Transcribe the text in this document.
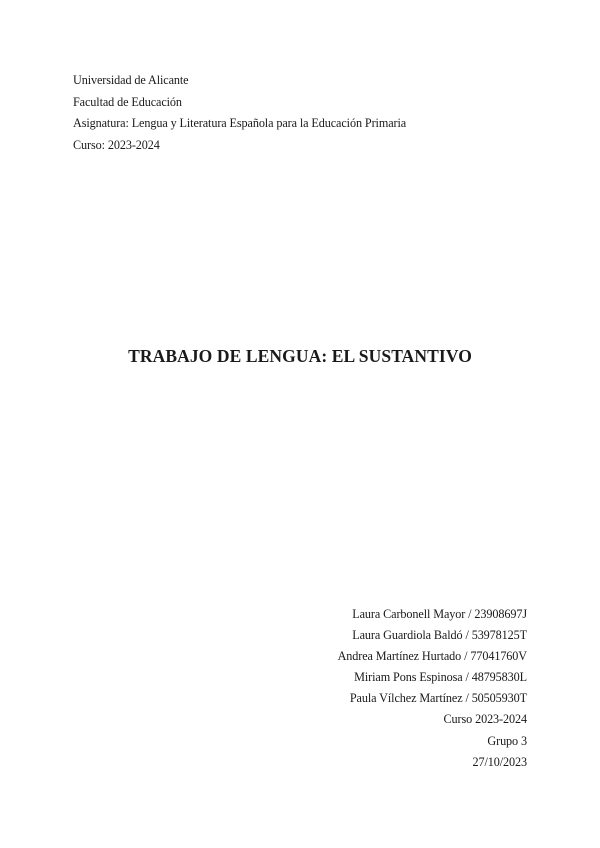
Universidad de Alicante
Facultad de Educación
Asignatura: Lengua y Literatura Española para la Educación Primaria
Curso: 2023-2024
TRABAJO DE LENGUA: EL SUSTANTIVO
Laura Carbonell Mayor / 23908697J
Laura Guardiola Baldó / 53978125T
Andrea Martínez Hurtado / 77041760V
Miriam Pons Espinosa / 48795830L
Paula Vílchez Martínez / 50505930T
Curso 2023-2024
Grupo 3
27/10/2023
